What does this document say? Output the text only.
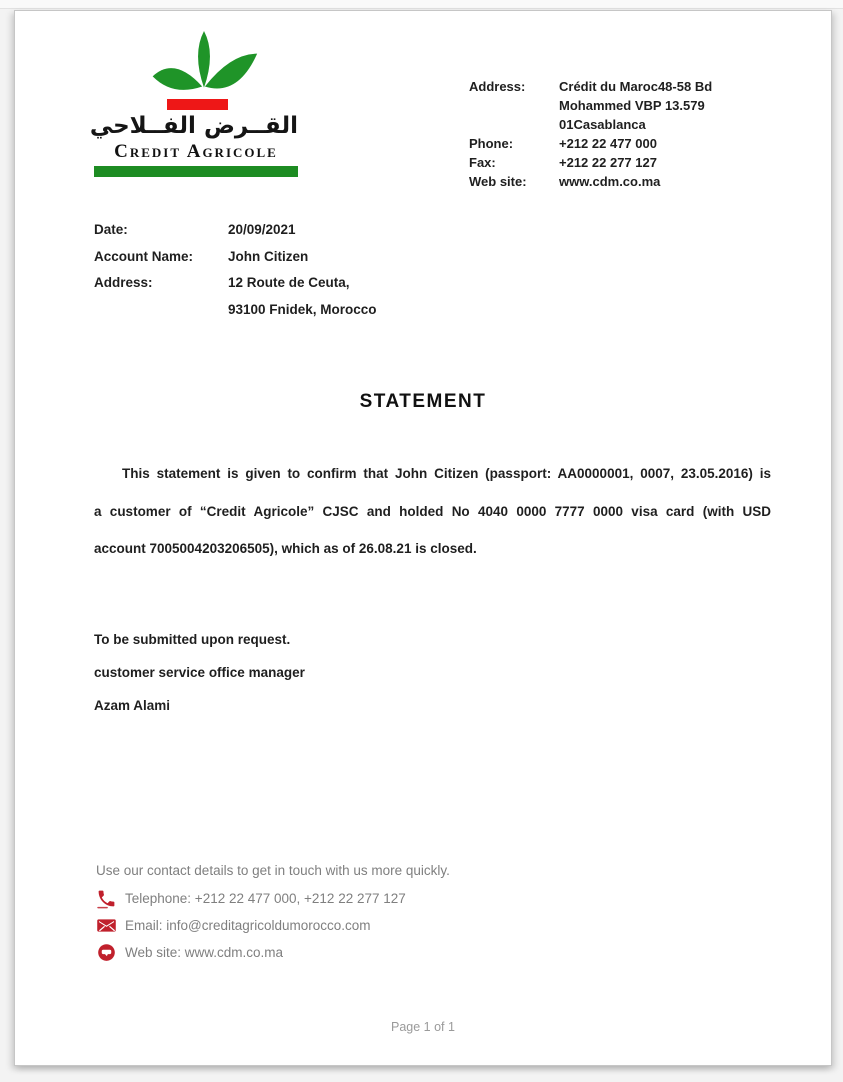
القــرض الفــلاحي
Credit Agricole
Address:	Crédit du Maroc48-58 Bd
Mohammed VBP 13.579
01Casablanca
Phone:	+212 22 477 000
Fax:	+212 22 277 127
Web site:	www.cdm.co.ma
Date:	20/09/2021
Account Name:	John Citizen
Address:	12 Route de Ceuta,
93100 Fnidek, Morocco
STATEMENT
This statement is given to confirm that John Citizen (passport: AA0000001, 0007, 23.05.2016) is
a customer of “Credit Agricole” CJSC and holded No 4040 0000 7777 0000 visa card (with USD
account 7005004203206505), which as of 26.08.21 is closed.
To be submitted upon request.
customer service office manager
Azam Alami
Use our contact details to get in touch with us more quickly.
Telephone: +212 22 477 000, +212 22 277 127
Email: info@creditagricoldumorocco.com
Web site: www.cdm.co.ma
Page 1 of 1
